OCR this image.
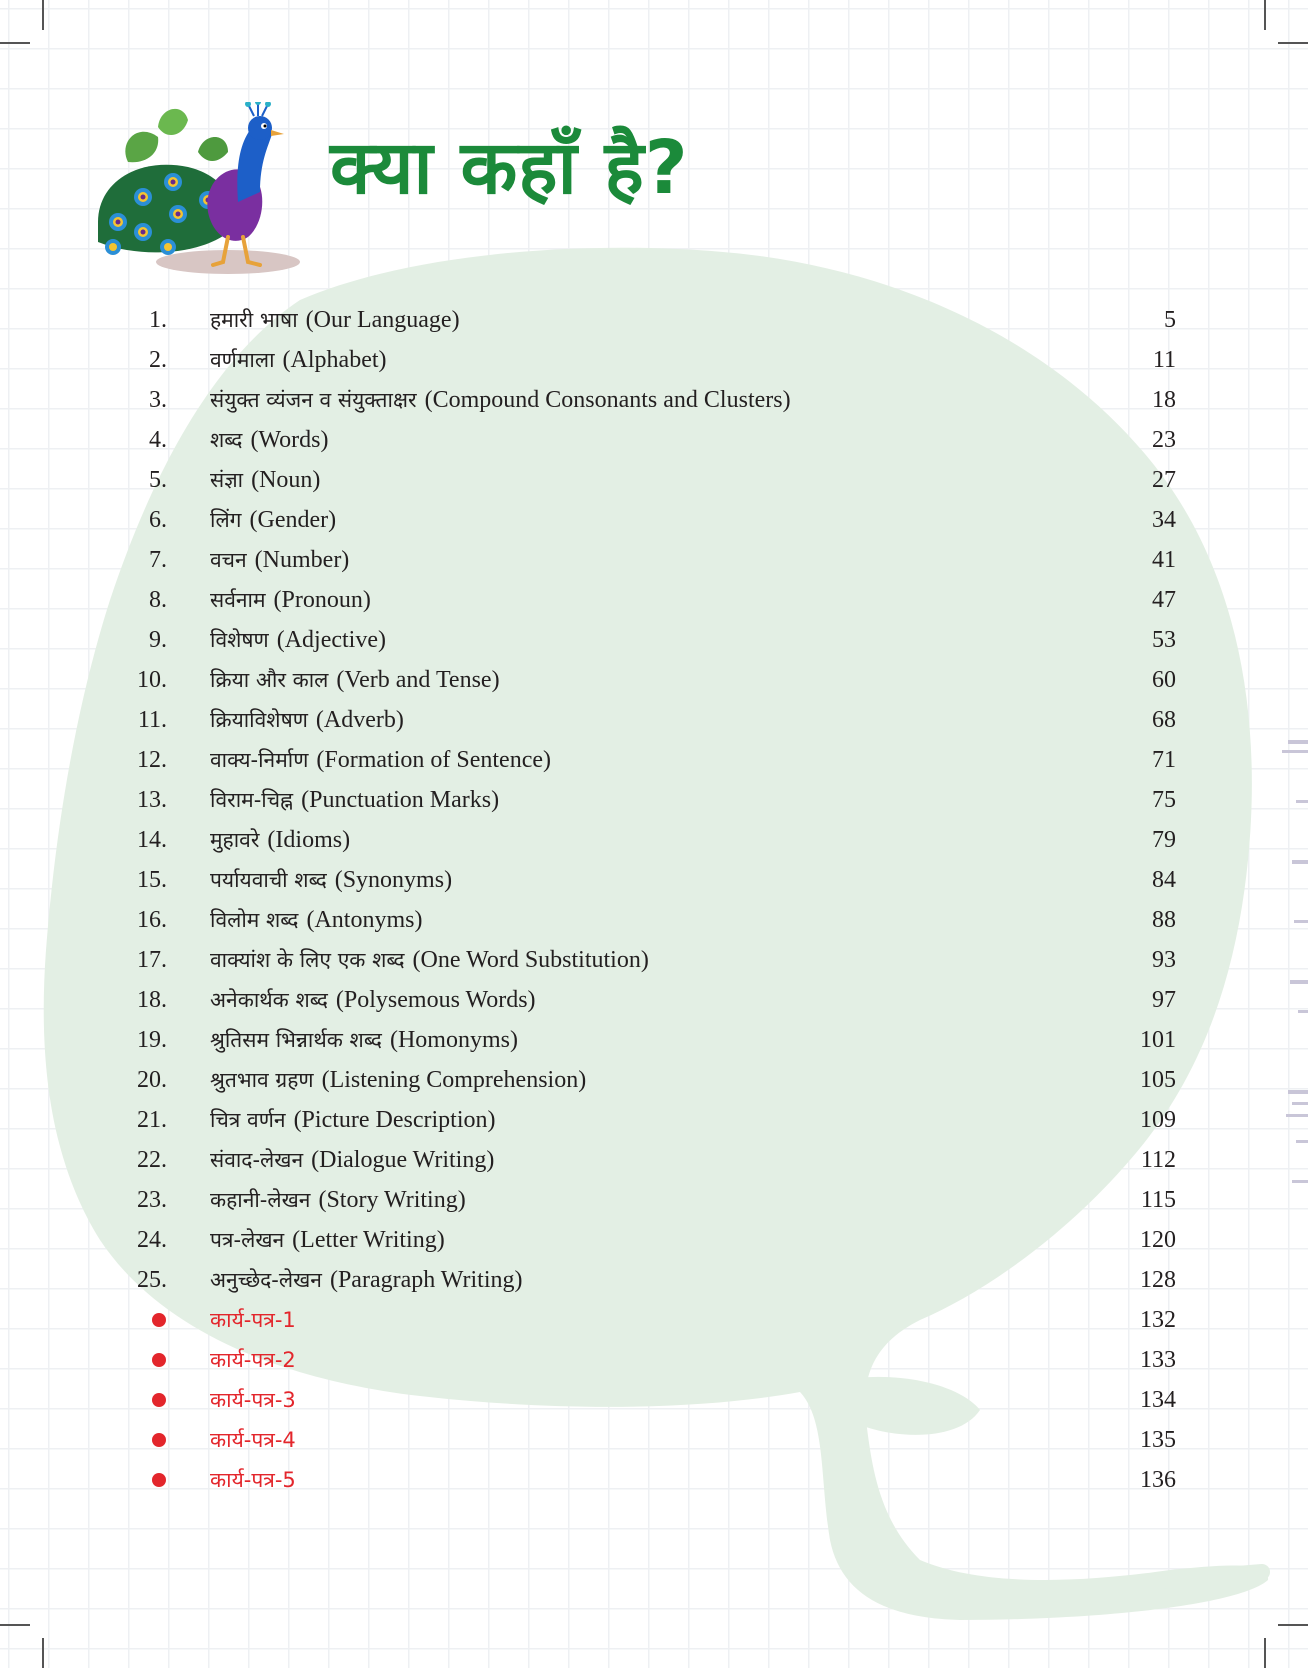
क्या कहाँ है?
1. हमारी भाषा (Our Language)	5
2. वर्णमाला (Alphabet)	11
3. संयुक्त व्यंजन व संयुक्ताक्षर (Compound Consonants and Clusters)	18
4. शब्द (Words)	23
5. संज्ञा (Noun)	27
6. लिंग (Gender)	34
7. वचन (Number)	41
8. सर्वनाम (Pronoun)	47
9. विशेषण (Adjective)	53
10. क्रिया और काल (Verb and Tense)	60
11. क्रियाविशेषण (Adverb)	68
12. वाक्य-निर्माण (Formation of Sentence)	71
13. विराम-चिह्न (Punctuation Marks)	75
14. मुहावरे (Idioms)	79
15. पर्यायवाची शब्द (Synonyms)	84
16. विलोम शब्द (Antonyms)	88
17. वाक्यांश के लिए एक शब्द (One Word Substitution)	93
18. अनेकार्थक शब्द (Polysemous Words)	97
19. श्रुतिसम भिन्नार्थक शब्द (Homonyms)	101
20. श्रुतभाव ग्रहण (Listening Comprehension)	105
21. चित्र वर्णन (Picture Description)	109
22. संवाद-लेखन (Dialogue Writing)	112
23. कहानी-लेखन (Story Writing)	115
24. पत्र-लेखन (Letter Writing)	120
25. अनुच्छेद-लेखन (Paragraph Writing)	128
कार्य-पत्र-1	132
कार्य-पत्र-2	133
कार्य-पत्र-3	134
कार्य-पत्र-4	135
कार्य-पत्र-5	136
